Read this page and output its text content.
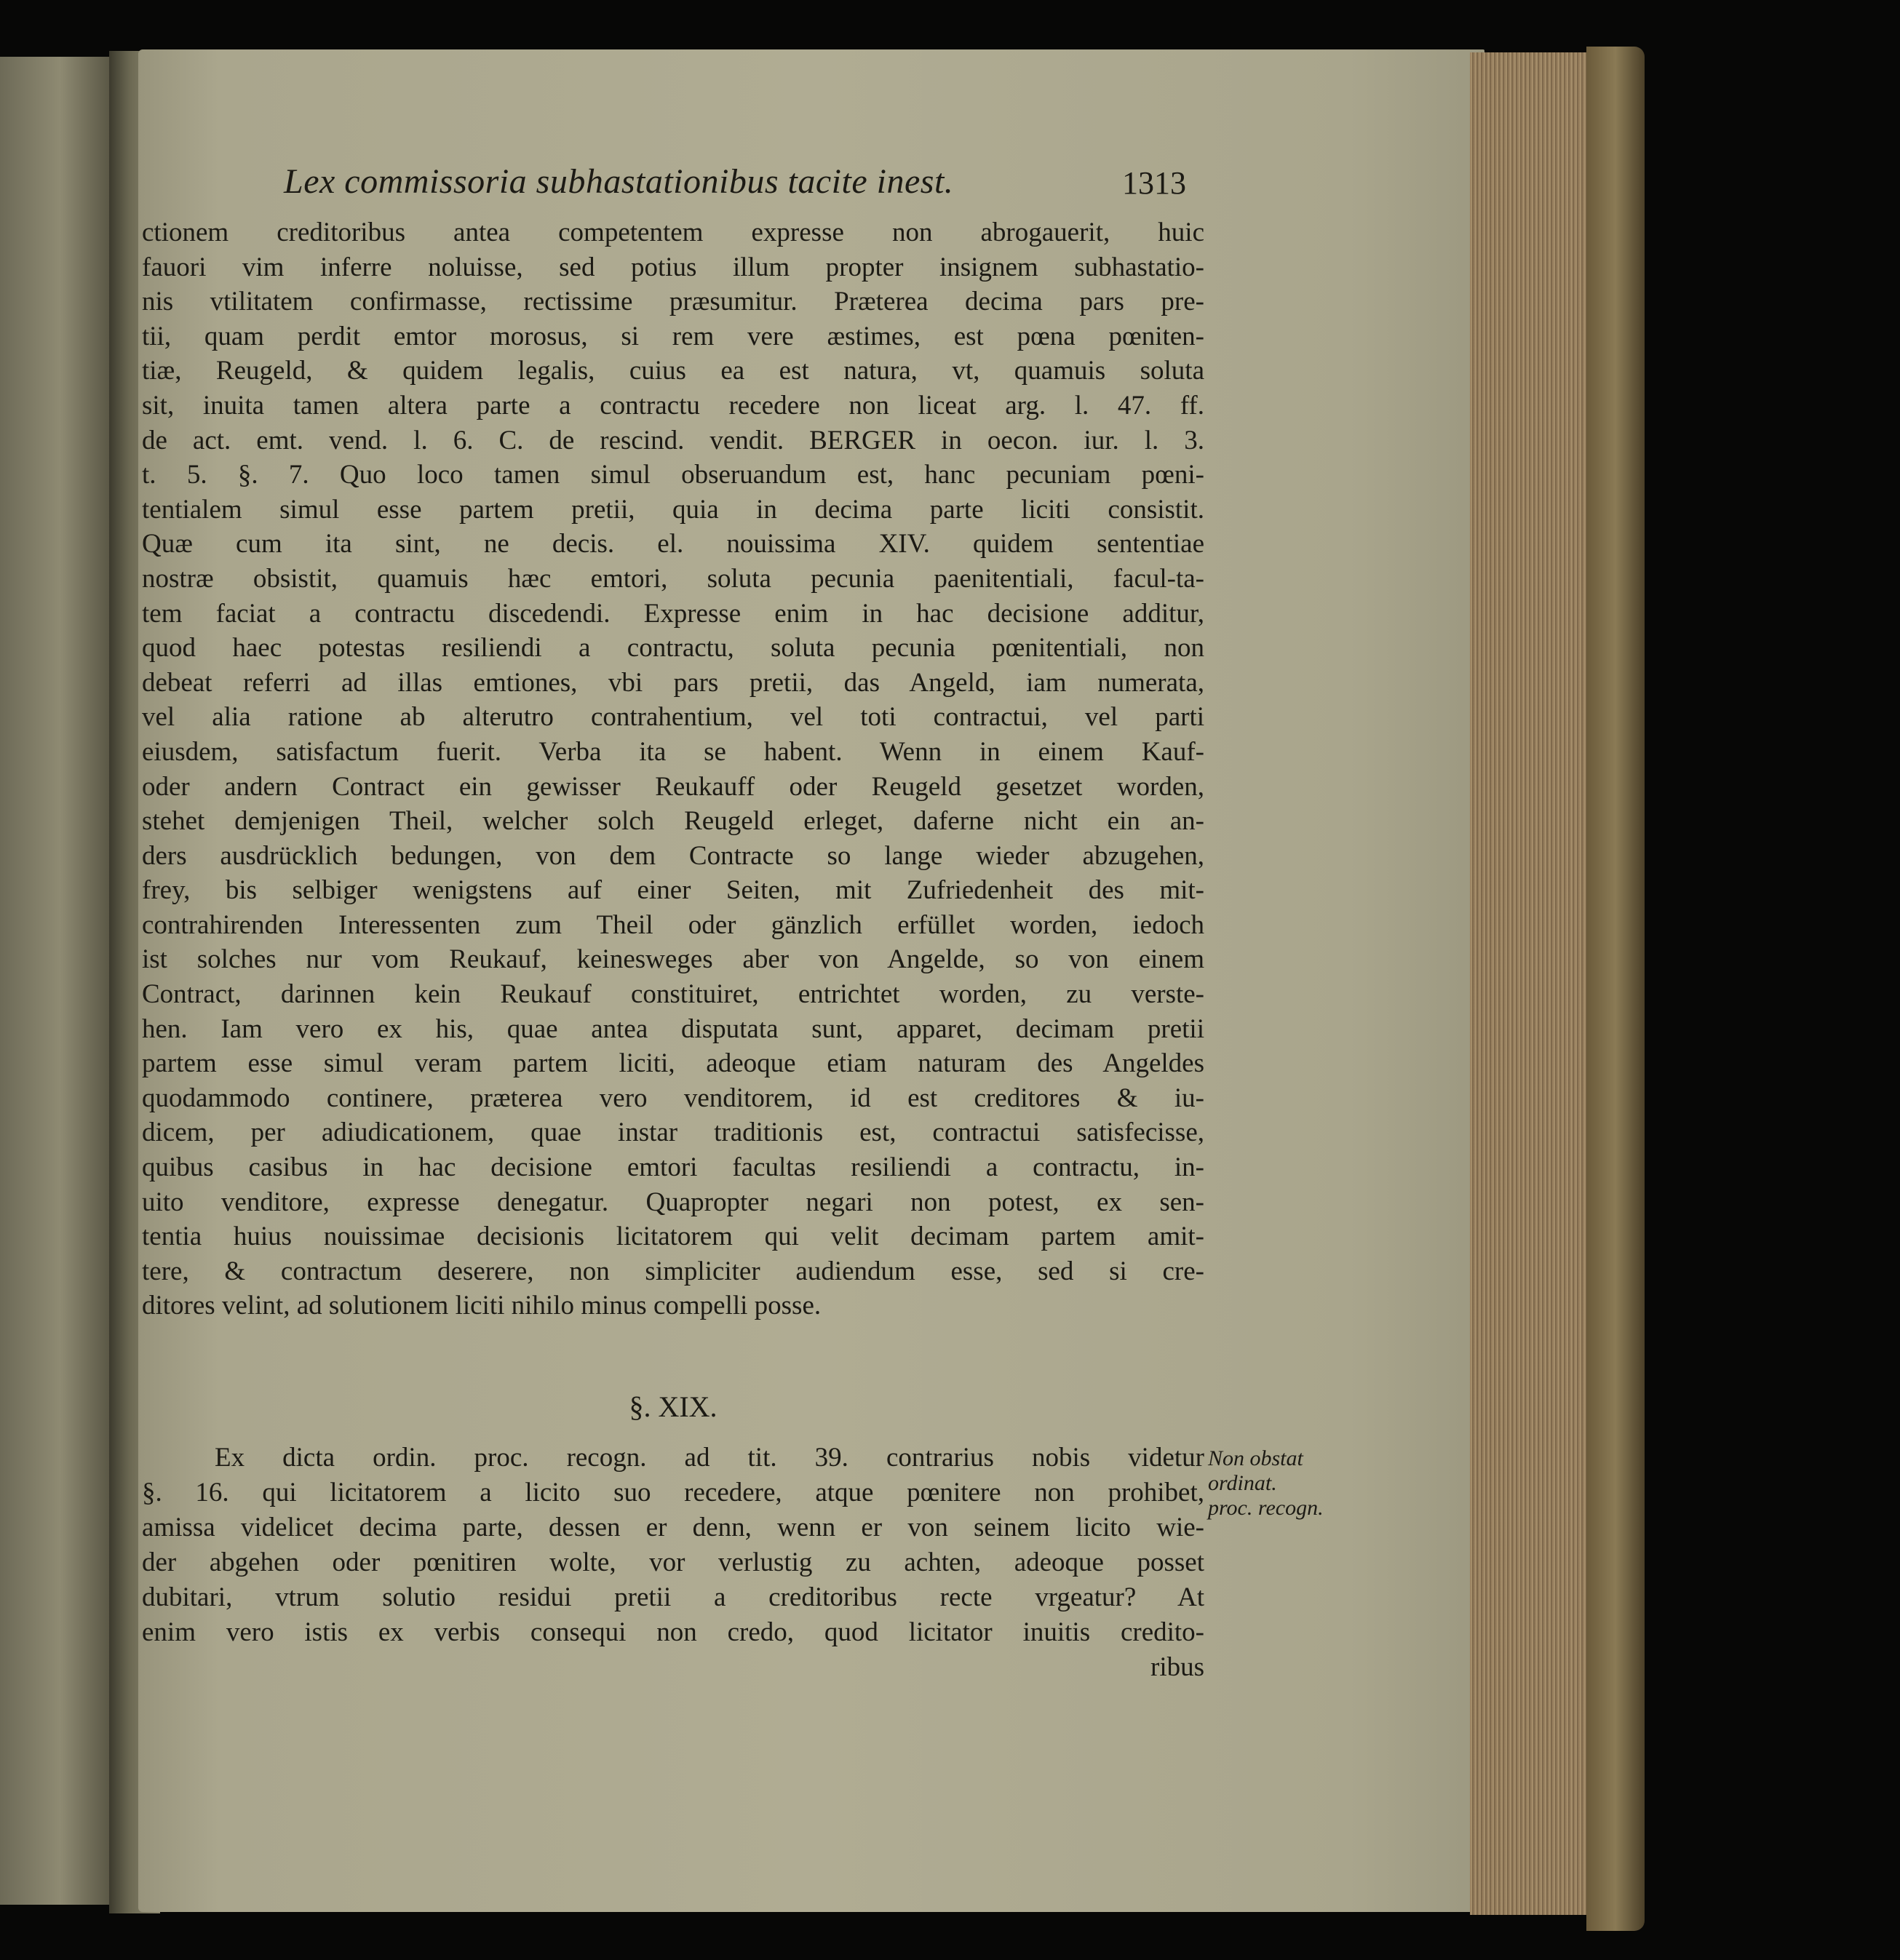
Lex commissoria subhastationibus tacite inest.	1313
ctionem creditoribus antea competentem expresse non abrogauerit, huic
fauori vim inferre noluisse, sed potius illum propter insignem subhastatio-
nis vtilitatem confirmasse, rectissime præsumitur. Præterea decima pars pre-
tii, quam perdit emtor morosus, si rem vere æstimes, est pœna pœniten-
tiæ, Reugeld, & quidem legalis, cuius ea est natura, vt, quamuis soluta
sit, inuita tamen altera parte a contractu recedere non liceat arg. l. 47. ff.
de act. emt. vend. l. 6. C. de rescind. vendit. BERGER in oecon. iur. l. 3.
t. 5. §. 7. Quo loco tamen simul obseruandum est, hanc pecuniam pœni-
tentialem simul esse partem pretii, quia in decima parte liciti consistit.
Quæ cum ita sint, ne decis. el. nouissima XIV. quidem sententiae
nostræ obsistit, quamuis hæc emtori, soluta pecunia paenitentiali, facul-ta-
tem faciat a contractu discedendi. Expresse enim in hac decisione additur,
quod haec potestas resiliendi a contractu, soluta pecunia pœnitentiali, non
debeat referri ad illas emtiones, vbi pars pretii, das Angeld, iam numerata,
vel alia ratione ab alterutro contrahentium, vel toti contractui, vel parti
eiusdem, satisfactum fuerit. Verba ita se habent. Wenn in einem Kauf-
oder andern Contract ein gewisser Reukauff oder Reugeld gesetzet worden,
stehet demjenigen Theil, welcher solch Reugeld erleget, daferne nicht ein an-
ders ausdrücklich bedungen, von dem Contracte so lange wieder abzugehen,
frey, bis selbiger wenigstens auf einer Seiten, mit Zufriedenheit des mit-
contrahirenden Interessenten zum Theil oder gänzlich erfüllet worden, iedoch
ist solches nur vom Reukauf, keinesweges aber von Angelde, so von einem
Contract, darinnen kein Reukauf constituiret, entrichtet worden, zu verste-
hen. Iam vero ex his, quae antea disputata sunt, apparet, decimam pretii
partem esse simul veram partem liciti, adeoque etiam naturam des Angeldes
quodammodo continere, præterea vero venditorem, id est creditores & iu-
dicem, per adiudicationem, quae instar traditionis est, contractui satisfecisse,
quibus casibus in hac decisione emtori facultas resiliendi a contractu, in-
uito venditore, expresse denegatur. Quapropter negari non potest, ex sen-
tentia huius nouissimae decisionis licitatorem qui velit decimam partem amit-
tere, & contractum deserere, non simpliciter audiendum esse, sed si cre-
ditores velint, ad solutionem liciti nihilo minus compelli posse.
§. XIX.
Ex dicta ordin. proc. recogn. ad tit. 39. contrarius nobis videtur
§. 16. qui licitatorem a licito suo recedere, atque pœnitere non prohibet,
amissa videlicet decima parte, dessen er denn, wenn er von seinem licito wie-
der abgehen oder pœnitiren wolte, vor verlustig zu achten, adeoque posset
dubitari, vtrum solutio residui pretii a creditoribus recte vrgeatur? At
enim vero istis ex verbis consequi non credo, quod licitator inuitis credito-
ribus
Non obstat
ordinat.
proc. recogn.
